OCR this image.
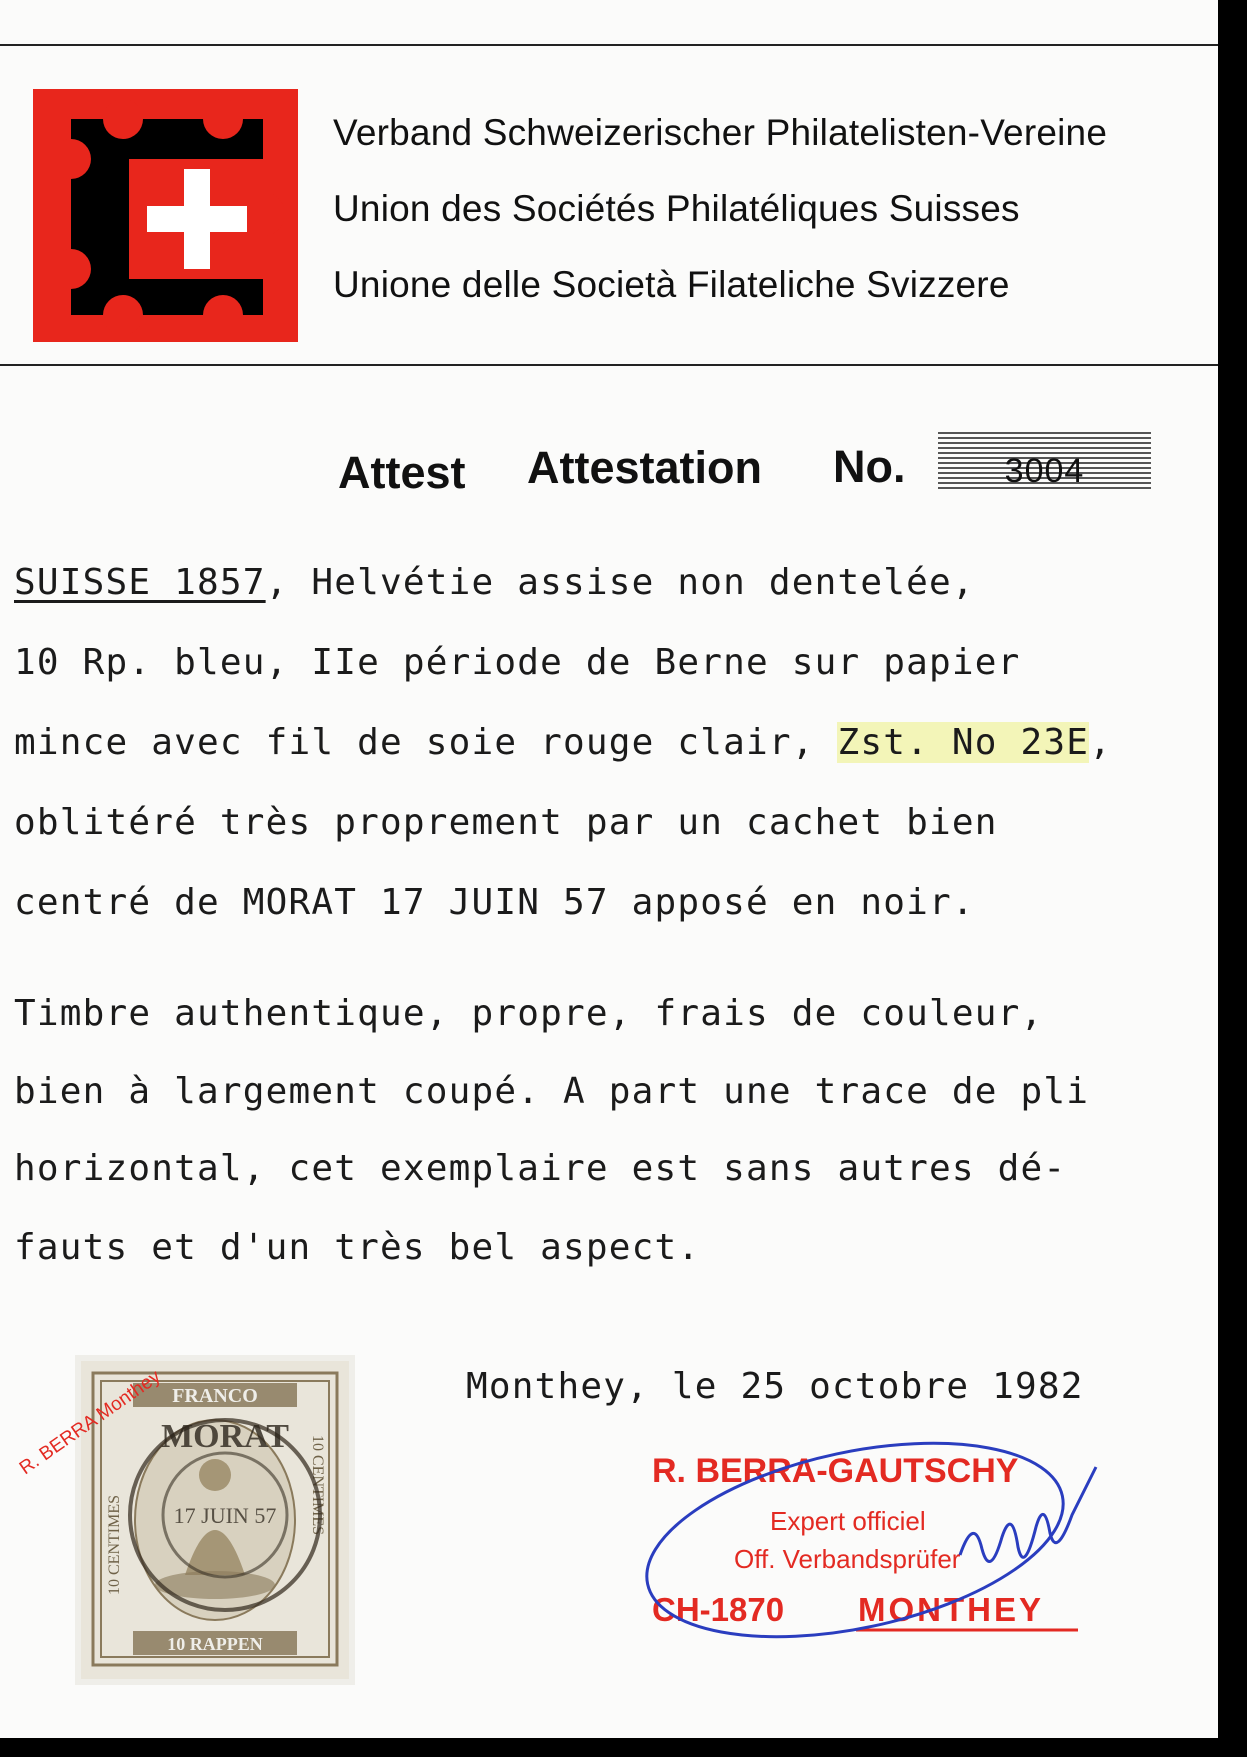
Verband Schweizerischer Philatelisten-Vereine
Union des Sociétés Philatéliques Suisses
Unione delle Società Filateliche Svizzere
Attest Attestation No.	3004
SUISSE 1857, Helvétie assise non dentelée,
10 Rp. bleu, IIe période de Berne sur papier
mince avec fil de soie rouge clair, Zst. No 23E,
oblitéré très proprement par un cachet bien
centré de MORAT 17 JUIN 57 apposé en noir.
Timbre authentique, propre, frais de couleur,
bien à largement coupé. A part une trace de pli
horizontal, cet exemplaire est sans autres dé-
fauts et d'un très bel aspect.
Monthey, le 25 octobre 1982
FRANCO
10 RAPPEN
10 CENTIMES
10 CENTIMES
MORAT
17 JUIN 57
R. BERRA Monthey	R. BERRA-GAUTSCHY
Expert officiel
Off. Verbandsprüfer
CH-1870 MONTHEY
